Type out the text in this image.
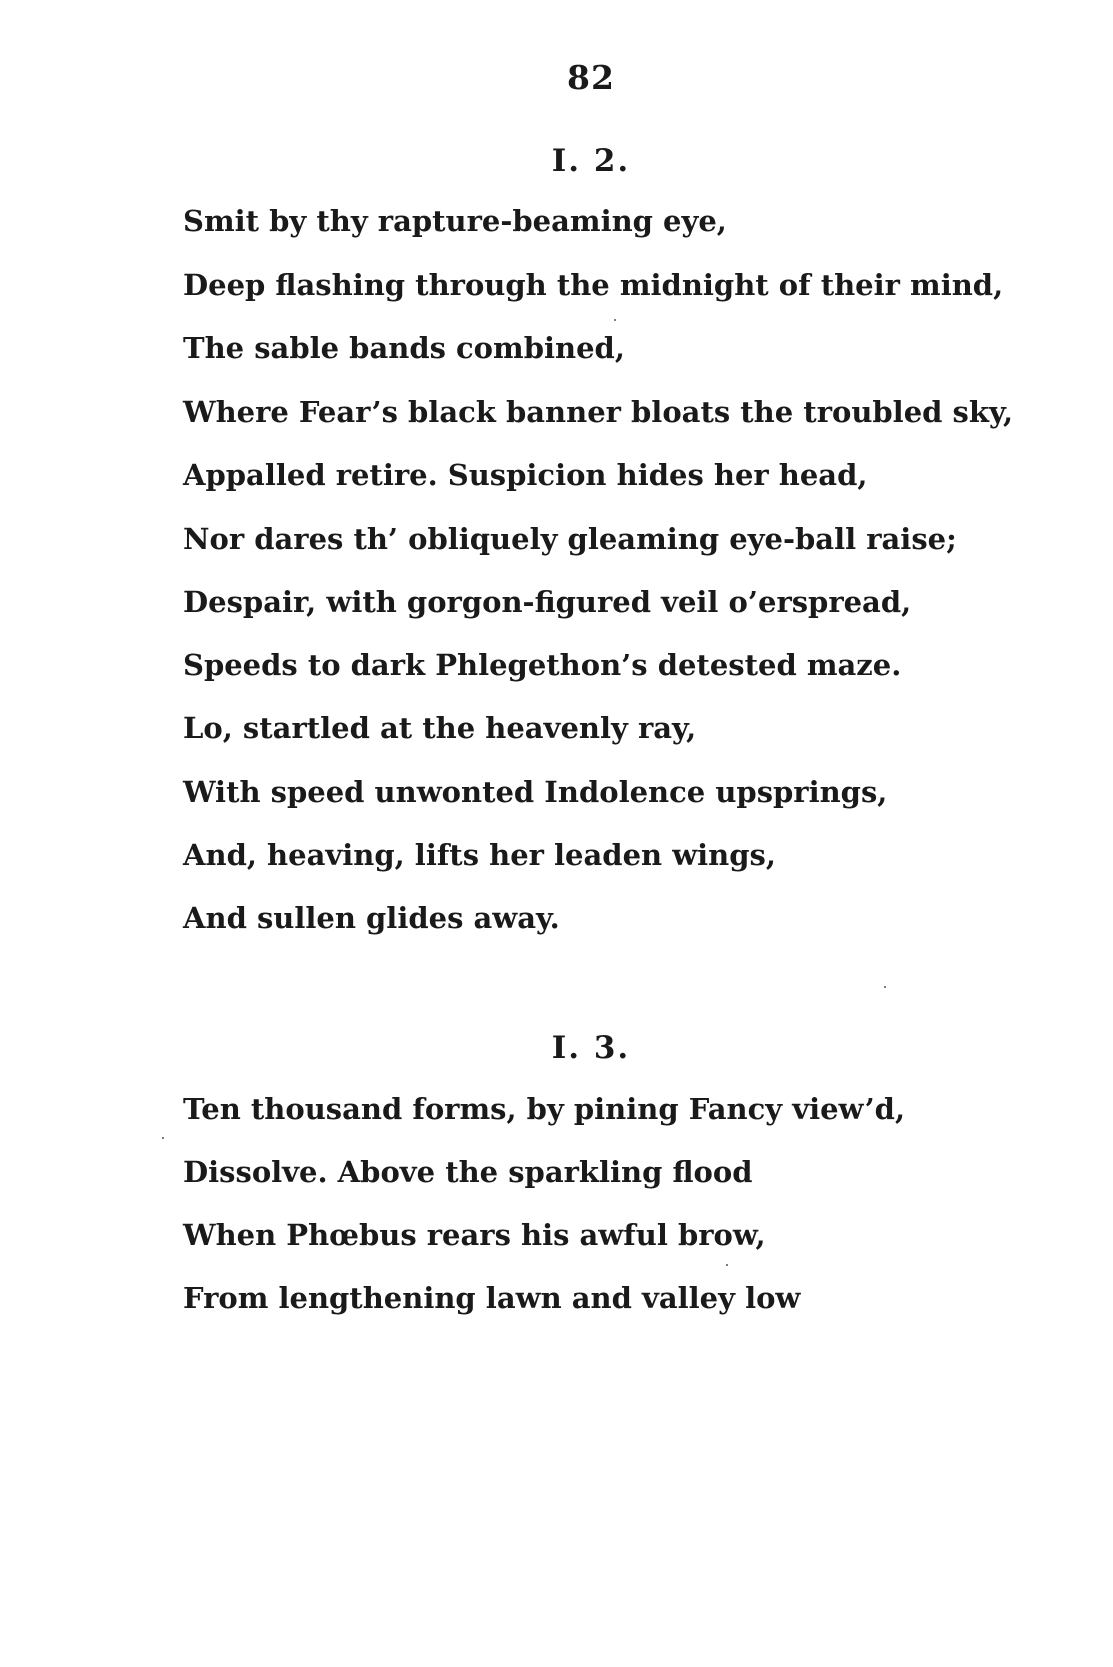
82
I. 2.
Smit by thy rapture-beaming eye,
Deep flashing through the midnight of their mind,
The sable bands combined,
Where Fear’s black banner bloats the troubled sky,
Appalled retire. Suspicion hides her head,
Nor dares th’ obliquely gleaming eye-ball raise;
Despair, with gorgon-figured veil o’erspread,
Speeds to dark Phlegethon’s detested maze.
Lo, startled at the heavenly ray,
With speed unwonted Indolence upsprings,
And, heaving, lifts her leaden wings,
And sullen glides away.
I. 3.
Ten thousand forms, by pining Fancy view’d,
Dissolve. Above the sparkling flood
When Phœbus rears his awful brow,
From lengthening lawn and valley low
